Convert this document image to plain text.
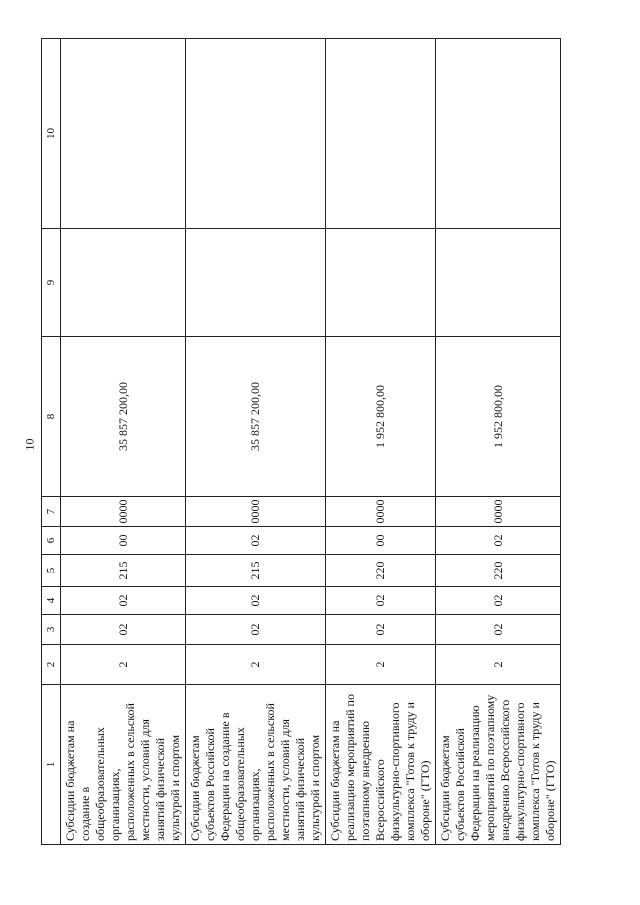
10
1	2	3	4	5	6	7	8	9	10
Субсидии бюджетам на создание в общеобразовательных организациях, расположенных в сельской местности, условий для занятий физической культурой и спортом	2	02	02	215	00	0000	35 857 200,00		
Субсидии бюджетам субъектов Российской Федерации на создание в общеобразовательных организациях, расположенных в сельской местности, условий для занятий физической культурой и спортом	2	02	02	215	02	0000	35 857 200,00		
Субсидии бюджетам на реализацию мероприятий по поэтапному внедрению Всероссийского физкультурно-спортивного комплекса "Готов к труду и обороне" (ГТО)	2	02	02	220	00	0000	1 952 800,00		
Субсидии бюджетам субъектов Российской Федерации на реализацию мероприятий по поэтапному внедрению Всероссийского физкультурно-спортивного комплекса "Готов к труду и обороне" (ГТО)	2	02	02	220	02	0000	1 952 800,00		
